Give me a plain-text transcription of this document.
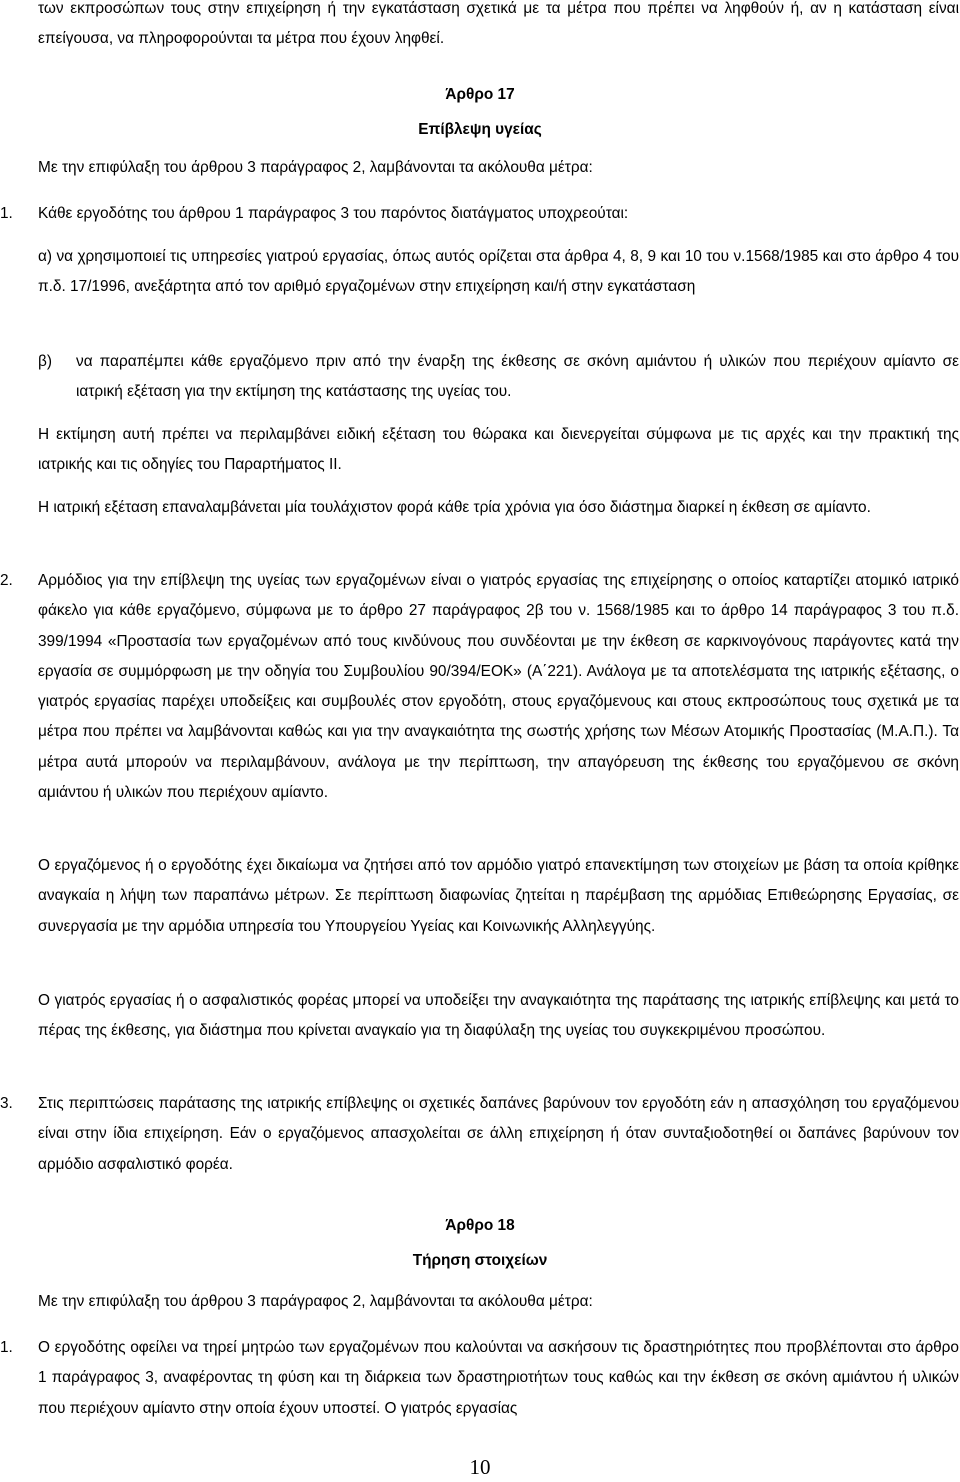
των εκπροσώπων τους στην επιχείρηση ή την εγκατάσταση σχετικά με τα μέτρα που πρέπει να ληφθούν ή, αν η κατάσταση είναι επείγουσα, να πληροφορούνται τα μέτρα που έχουν ληφθεί.

Άρθρο 17

Επίβλεψη υγείας

Με την επιφύλαξη του άρθρου 3 παράγραφος 2, λαμβάνονται τα ακόλουθα μέτρα:

1. Κάθε εργοδότης του άρθρου 1 παράγραφος 3 του παρόντος διατάγματος υποχρεούται:

α) να χρησιμοποιεί τις υπηρεσίες γιατρού εργασίας, όπως αυτός ορίζεται στα άρθρα 4, 8, 9 και 10 του ν.1568/1985 και στο άρθρο 4 του π.δ. 17/1996, ανεξάρτητα από τον αριθμό εργαζομένων στην επιχείρηση και/ή στην εγκατάσταση

β)	να παραπέμπει κάθε εργαζόμενο πριν από την έναρξη της έκθεσης σε σκόνη αμιάντου ή υλικών που περιέχουν αμίαντο σε ιατρική εξέταση για την εκτίμηση της κατάστασης της υγείας του.

Η εκτίμηση αυτή πρέπει να περιλαμβάνει ειδική εξέταση του θώρακα και διενεργείται σύμφωνα με τις αρχές και την πρακτική της ιατρικής και τις οδηγίες του Παραρτήματος ΙΙ.

Η ιατρική εξέταση επαναλαμβάνεται μία τουλάχιστον φορά κάθε τρία χρόνια για όσο διάστημα διαρκεί η έκθεση σε αμίαντο.

2. Αρμόδιος για την επίβλεψη της υγείας των εργαζομένων είναι ο γιατρός εργασίας της επιχείρησης ο οποίος καταρτίζει ατομικό ιατρικό φάκελο για κάθε εργαζόμενο, σύμφωνα με το άρθρο 27 παράγραφος 2β του ν. 1568/1985 και το άρθρο 14 παράγραφος 3 του π.δ. 399/1994 «Προστασία των εργαζομένων από τους κινδύνους που συνδέονται με την έκθεση σε καρκινογόνους παράγοντες κατά την εργασία σε συμμόρφωση με την οδηγία του Συμβουλίου 90/394/ΕΟΚ» (Α΄221). Ανάλογα με τα αποτελέσματα της ιατρικής εξέτασης, ο γιατρός εργασίας παρέχει υποδείξεις και συμβουλές στον εργοδότη, στους εργαζόμενους και στους εκπροσώπους τους σχετικά με τα μέτρα που πρέπει να λαμβάνονται καθώς και για την αναγκαιότητα της σωστής χρήσης των Μέσων Ατομικής Προστασίας (Μ.Α.Π.). Τα μέτρα αυτά μπορούν να περιλαμβάνουν, ανάλογα με την περίπτωση, την απαγόρευση της έκθεσης του εργαζόμενου σε σκόνη αμιάντου ή υλικών που περιέχουν αμίαντο.

Ο εργαζόμενος ή ο εργοδότης έχει δικαίωμα να ζητήσει από τον αρμόδιο γιατρό επανεκτίμηση των στοιχείων με βάση τα οποία κρίθηκε αναγκαία η λήψη των παραπάνω μέτρων. Σε περίπτωση διαφωνίας ζητείται η παρέμβαση της αρμόδιας Επιθεώρησης Εργασίας, σε συνεργασία με την αρμόδια υπηρεσία του Υπουργείου Υγείας και Κοινωνικής Αλληλεγγύης.

Ο γιατρός εργασίας ή ο ασφαλιστικός φορέας μπορεί να υποδείξει την αναγκαιότητα της παράτασης της ιατρικής επίβλεψης και μετά το πέρας της έκθεσης, για διάστημα που κρίνεται αναγκαίο για τη διαφύλαξη της υγείας του συγκεκριμένου προσώπου.

3. Στις περιπτώσεις παράτασης της ιατρικής επίβλεψης οι σχετικές δαπάνες βαρύνουν τον εργοδότη εάν η απασχόληση του εργαζόμενου είναι στην ίδια επιχείρηση. Εάν ο εργαζόμενος απασχολείται σε άλλη επιχείρηση ή όταν συνταξιοδοτηθεί οι δαπάνες βαρύνουν τον αρμόδιο ασφαλιστικό φορέα.

Άρθρο 18

Τήρηση στοιχείων

Με την επιφύλαξη του άρθρου 3 παράγραφος 2, λαμβάνονται τα ακόλουθα μέτρα:

1. Ο εργοδότης οφείλει να τηρεί μητρώο των εργαζομένων που καλούνται να ασκήσουν τις δραστηριότητες που προβλέπονται στο άρθρο 1 παράγραφος 3, αναφέροντας τη φύση και τη διάρκεια των δραστηριοτήτων τους καθώς και την έκθεση σε σκόνη αμιάντου ή υλικών που περιέχουν αμίαντο στην οποία έχουν υποστεί. Ο γιατρός εργασίας
10
